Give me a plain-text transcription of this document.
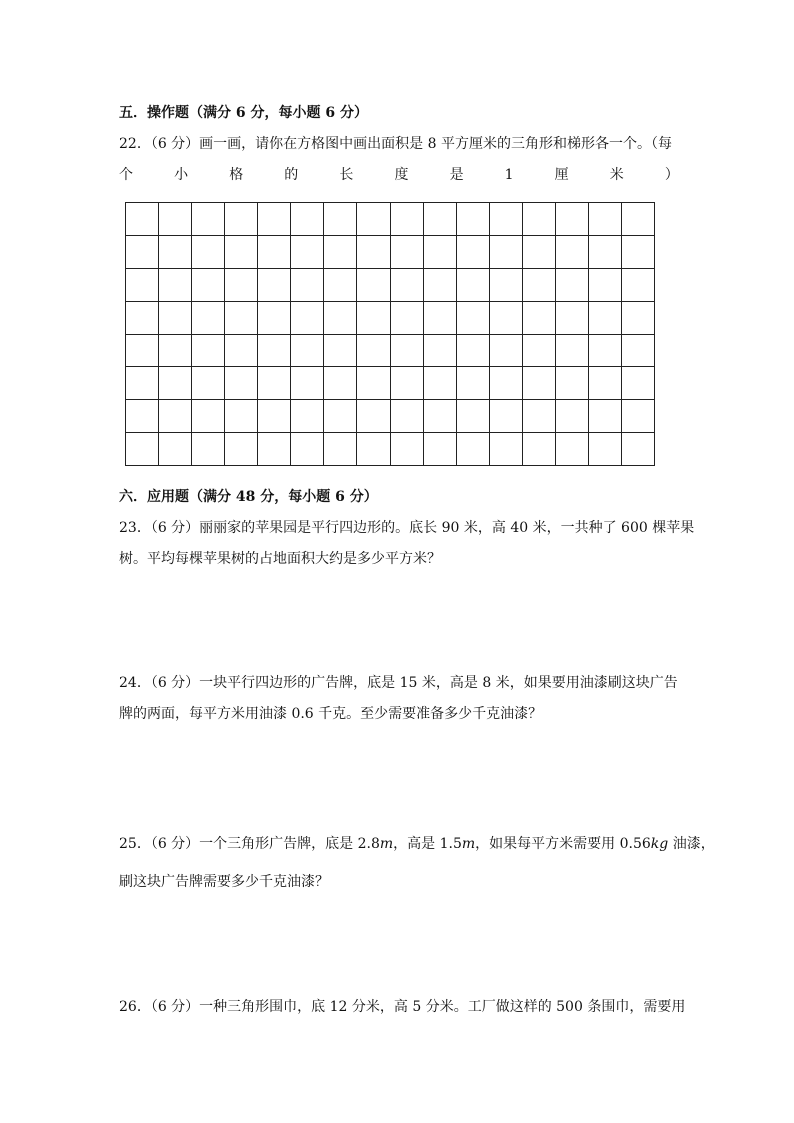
五．操作题（满分 6 分，每小题 6 分）
22．（6 分）画一画，请你在方格图中画出面积是 8 平方厘米的三角形和梯形各一个。（每
个	小	格	的	长	度	是	1	厘	米	）
六．应用题（满分 48 分，每小题 6 分）
23．（6 分）丽丽家的苹果园是平行四边形的。底长 90 米，高 40 米，一共种了 600 棵苹果
树。平均每棵苹果树的占地面积大约是多少平方米？
24．（6 分）一块平行四边形的广告牌，底是 15 米，高是 8 米，如果要用油漆刷这块广告
牌的两面，每平方米用油漆 0.6 千克。至少需要准备多少千克油漆？
25．（6 分）一个三角形广告牌，底是 2.8m，高是 1.5m，如果每平方米需要用 0.56kg 油漆，
刷这块广告牌需要多少千克油漆？
26．（6 分）一种三角形围巾，底 12 分米，高 5 分米。工厂做这样的 500 条围巾，需要用
